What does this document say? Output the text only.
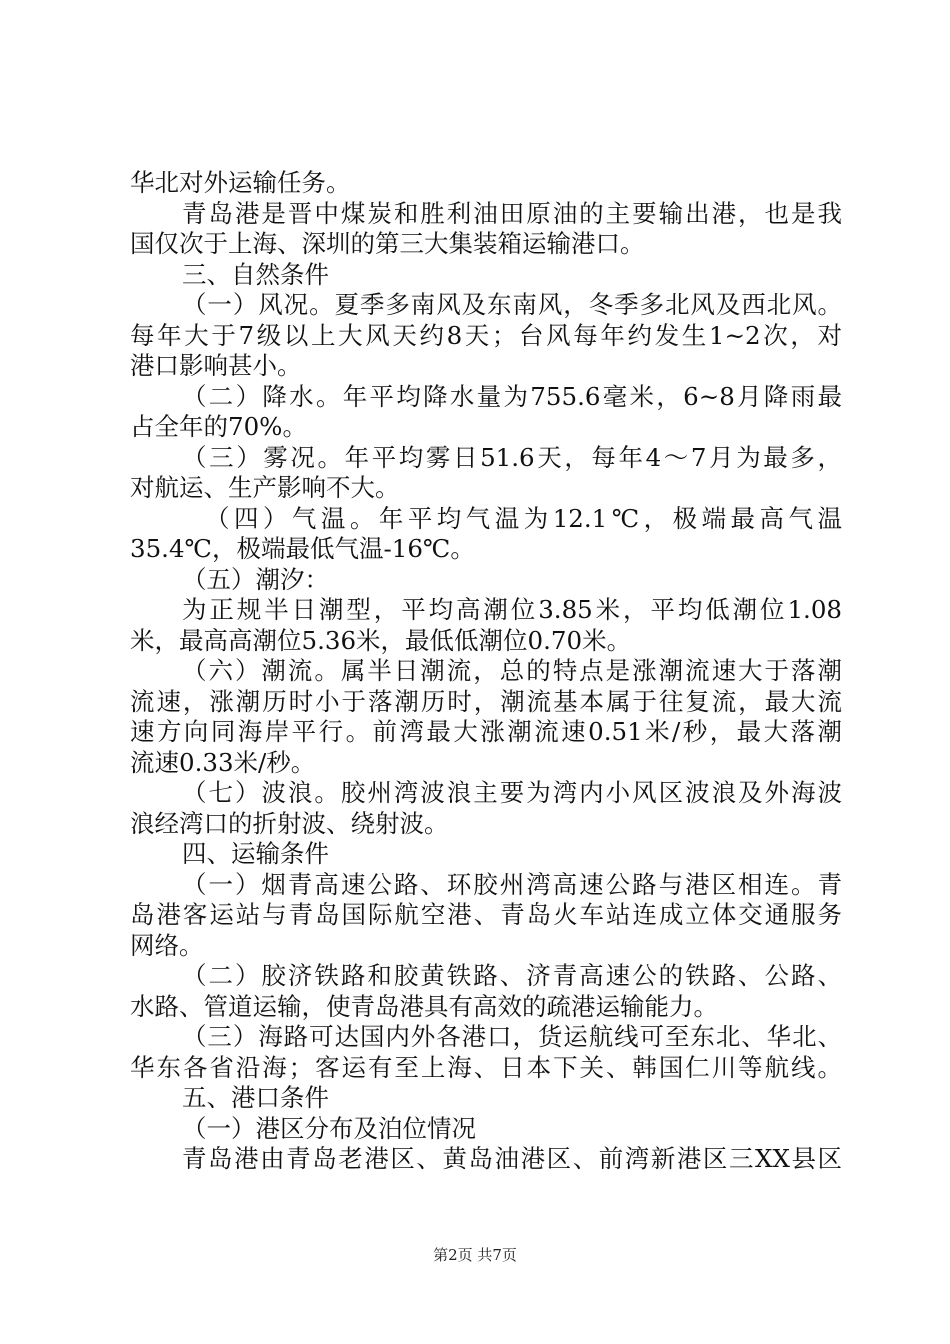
华北对外运输任务。
青岛港是晋中煤炭和胜利油田原油的主要输出港，也是我
国仅次于上海、深圳的第三大集装箱运输港口。
三、自然条件
（一）风况。夏季多南风及东南风，冬季多北风及西北风。
每年大于7级以上大风天约8天；台风每年约发生1~2次，对
港口影响甚小。
（二）降水。年平均降水量为755.6毫米，6~8月降雨最
占全年的70%。
（三）雾况。年平均雾日51.6天，每年4～7月为最多，
对航运、生产影响不大。
（四）气温。年平均气温为12.1℃，极端最高气温
35.4℃，极端最低气温-16℃。
（五）潮汐：
为正规半日潮型，平均高潮位3.85米，平均低潮位1.08
米，最高高潮位5.36米，最低低潮位0.70米。
（六）潮流。属半日潮流，总的特点是涨潮流速大于落潮
流速，涨潮历时小于落潮历时，潮流基本属于往复流，最大流
速方向同海岸平行。前湾最大涨潮流速0.51米/秒，最大落潮
流速0.33米/秒。
（七）波浪。胶州湾波浪主要为湾内小风区波浪及外海波
浪经湾口的折射波、绕射波。
四、运输条件
（一）烟青高速公路、环胶州湾高速公路与港区相连。青
岛港客运站与青岛国际航空港、青岛火车站连成立体交通服务
网络。
（二）胶济铁路和胶黄铁路、济青高速公的铁路、公路、
水路、管道运输，使青岛港具有高效的疏港运输能力。
（三）海路可达国内外各港口，货运航线可至东北、华北、
华东各省沿海；客运有至上海、日本下关、韩国仁川等航线。
五、港口条件
（一）港区分布及泊位情况
青岛港由青岛老港区、黄岛油港区、前湾新港区三XX县区
第2页 共7页
